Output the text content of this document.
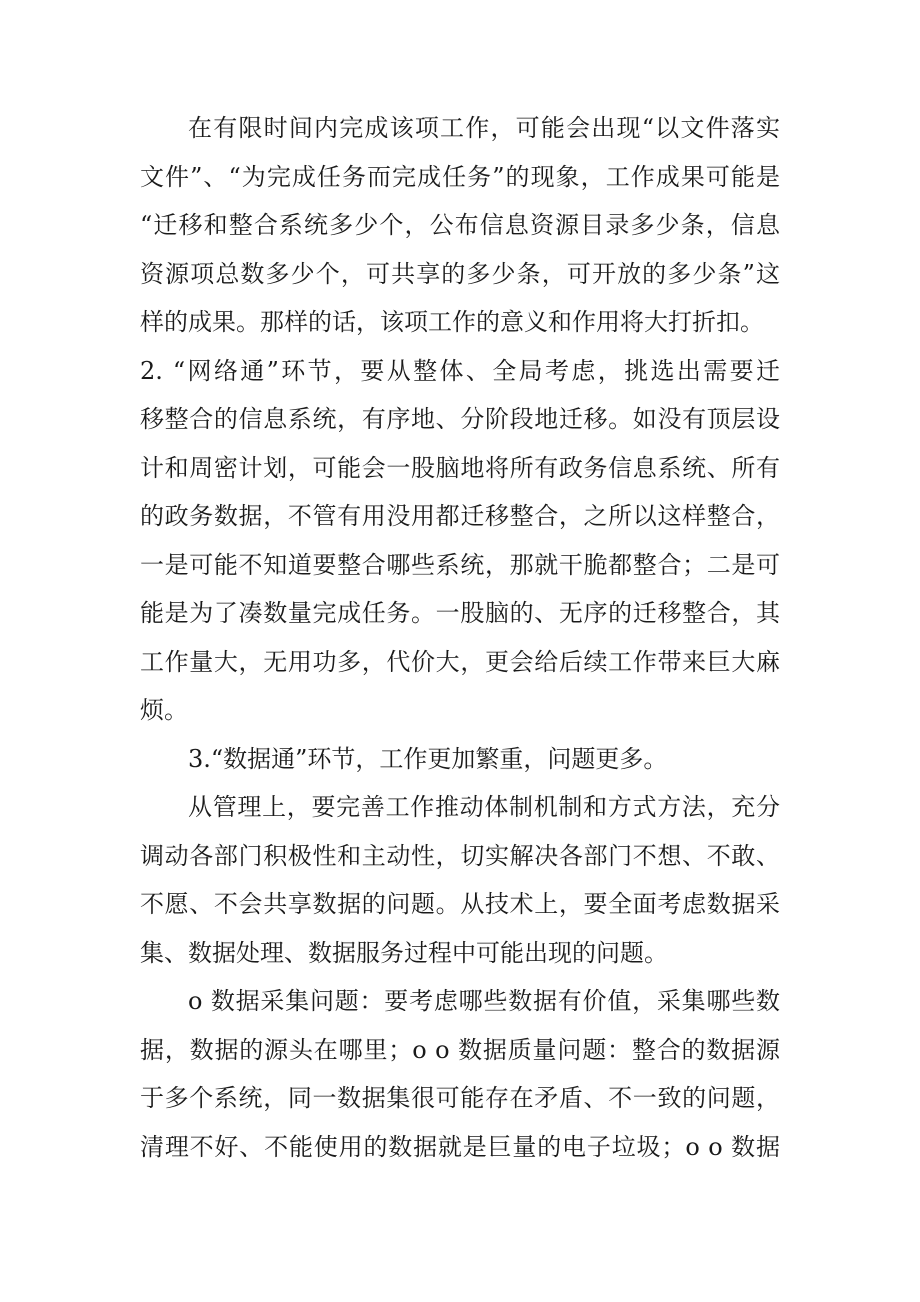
在有限时间内完成该项工作，可能会出现“以文件落实
文件”、“为完成任务而完成任务”的现象，工作成果可能是
“迁移和整合系统多少个，公布信息资源目录多少条，信息
资源项总数多少个，可共享的多少条，可开放的多少条”这
样的成果。那样的话，该项工作的意义和作用将大打折扣。
2. “网络通”环节，要从整体、全局考虑，挑选出需要迁
移整合的信息系统，有序地、分阶段地迁移。如没有顶层设
计和周密计划，可能会一股脑地将所有政务信息系统、所有
的政务数据，不管有用没用都迁移整合，之所以这样整合，
一是可能不知道要整合哪些系统，那就干脆都整合；二是可
能是为了凑数量完成任务。一股脑的、无序的迁移整合，其
工作量大，无用功多，代价大，更会给后续工作带来巨大麻
烦。
3.“数据通”环节，工作更加繁重，问题更多。
从管理上，要完善工作推动体制机制和方式方法，充分
调动各部门积极性和主动性，切实解决各部门不想、不敢、
不愿、不会共享数据的问题。从技术上，要全面考虑数据采
集、数据处理、数据服务过程中可能出现的问题。
o 数据采集问题：要考虑哪些数据有价值，采集哪些数
据，数据的源头在哪里；o o 数据质量问题：整合的数据源
于多个系统，同一数据集很可能存在矛盾、不一致的问题，
清理不好、不能使用的数据就是巨量的电子垃圾；o o 数据
